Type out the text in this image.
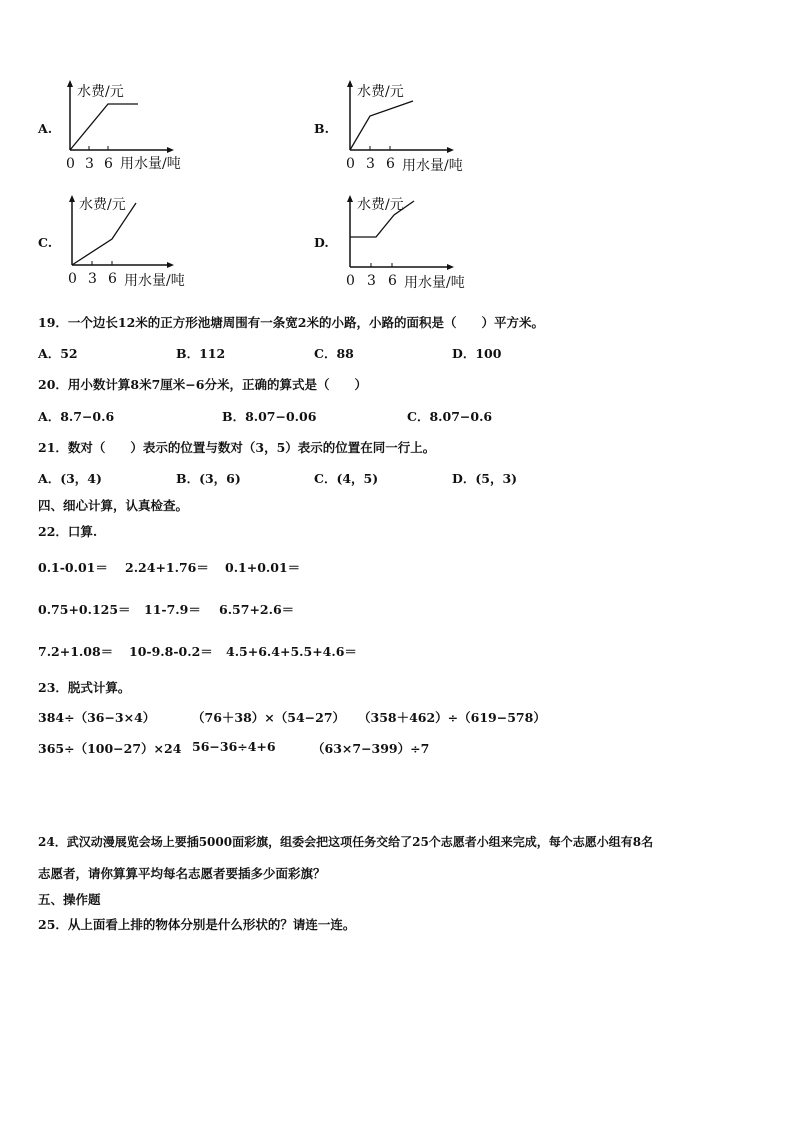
A.
水费/元
0 3 6 用水量/吨
B.
水费/元
0 3 6 用水量/吨
C.
水费/元
0 3 6 用水量/吨
D.
水费/元
0 3 6 用水量/吨
19．一个边长12米的正方形池塘周围有一条宽2米的小路，小路的面积是（　　）平方米。
A．52	B．112	C．88	D．100
20．用小数计算8米7厘米−6分米，正确的算式是（　　）
A．8.7−0.6	B．8.07−0.06	C．8.07−0.6
21．数对（　　）表示的位置与数对（3，5）表示的位置在同一行上。
A．(3，4)	B．(3，6)	C．(4，5)	D．(5，3)
四、细心计算，认真检查。
22．口算.
0.1-0.01＝ 2.24+1.76＝ 0.1+0.01＝
0.75+0.125＝ 11-7.9＝ 6.57+2.6＝
7.2+1.08＝ 10-9.8-0.2＝ 4.5+6.4+5.5+4.6＝
23．脱式计算。
384÷（36−3×4）	（76＋38）×（54−27） （358＋462）÷（619−578）
365÷（100−27）×24 56−36÷4+6	（63×7−399）÷7
24．武汉动漫展览会场上要插5000面彩旗，组委会把这项任务交给了25个志愿者小组来完成，每个志愿小组有8名
志愿者，请你算算平均每名志愿者要插多少面彩旗？
五、操作题
25．从上面看上排的物体分别是什么形状的？请连一连。
